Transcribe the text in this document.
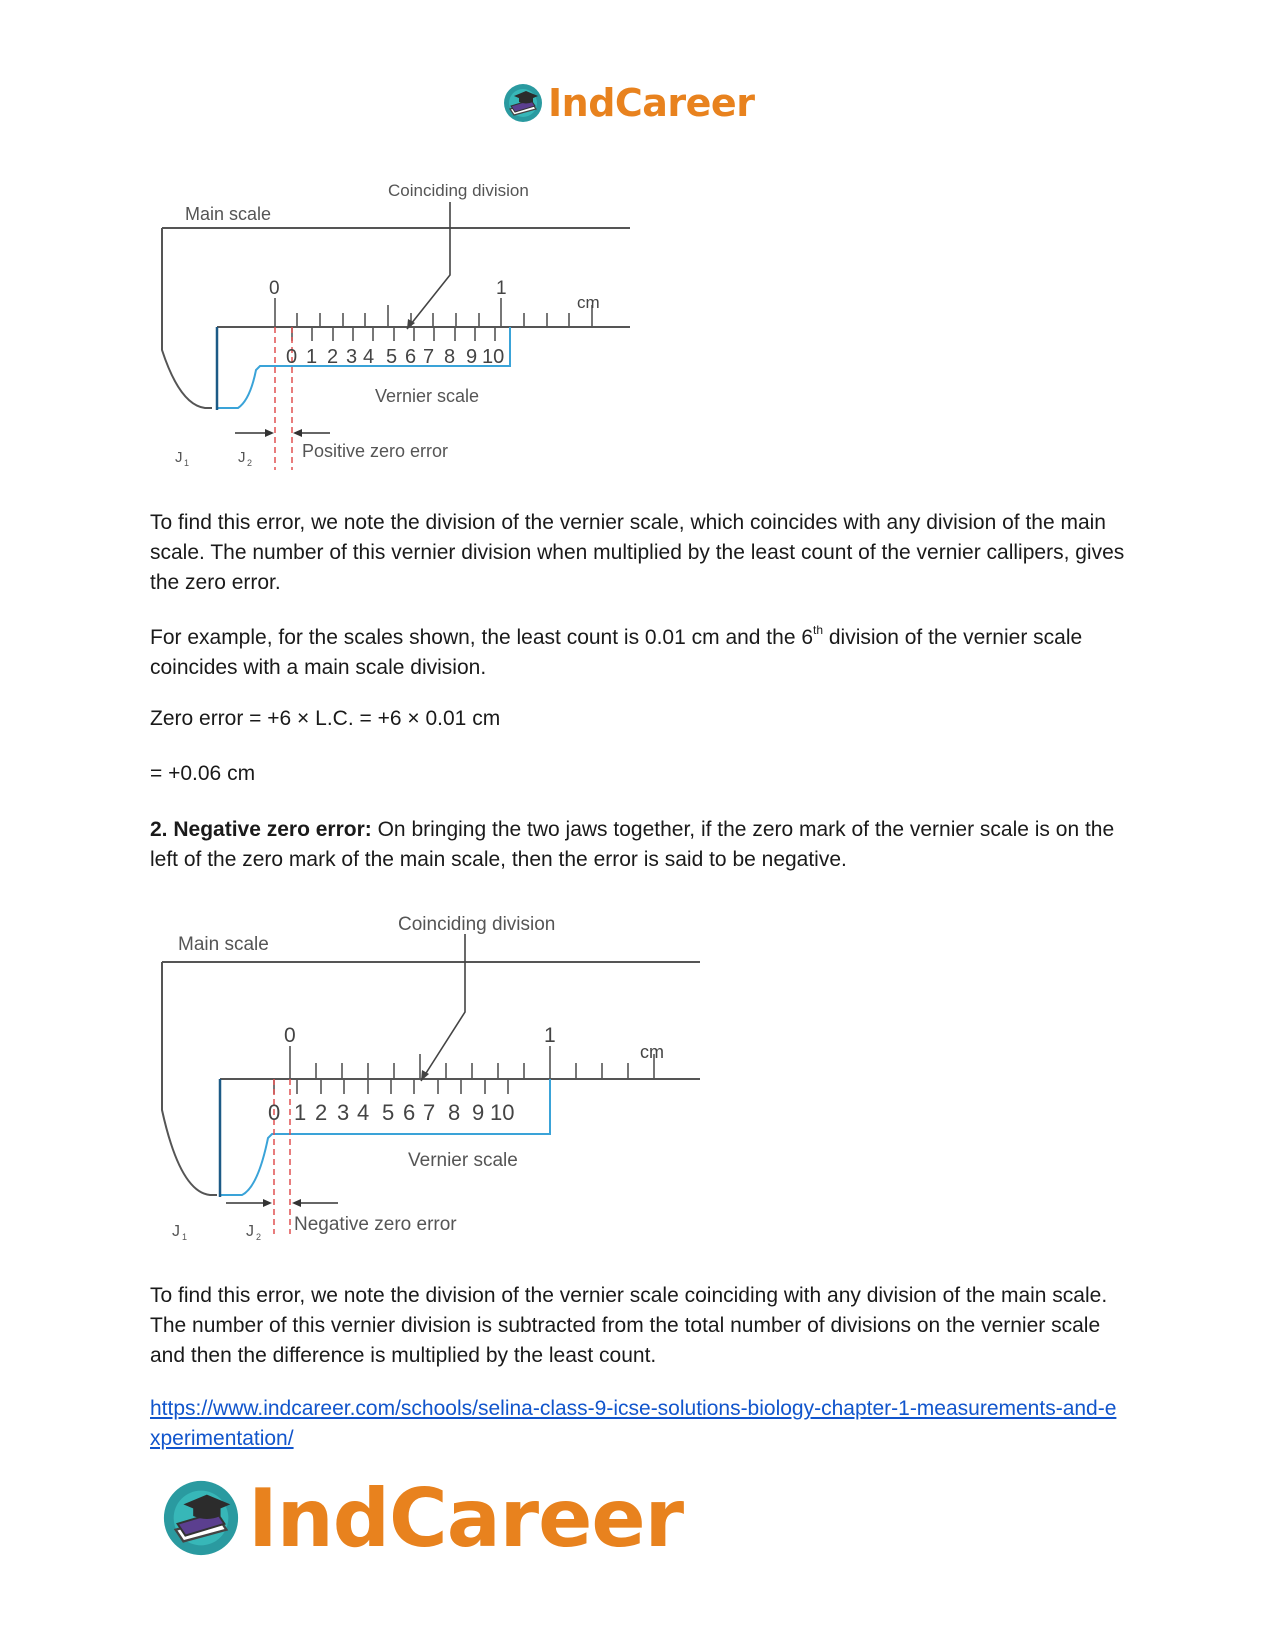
IndCareer
Main scale
Coinciding division
0	1
cm
0 1 2 3 4 5 6 7 8 9 10
Vernier scale
Positive zero error
J 1	J 2

To find this error, we note the division of the vernier scale, which coincides with any division of the main scale. The number of this vernier division when multiplied by the least count of the vernier callipers, gives the zero error.

For example, for the scales shown, the least count is 0.01 cm and the 6th division of the vernier scale coincides with a main scale division.

Zero error = +6 × L.C. = +6 × 0.01 cm

= +0.06 cm

2. Negative zero error: On bringing the two jaws together, if the zero mark of the vernier scale is on the left of the zero mark of the main scale, then the error is said to be negative.

Main scale
Coinciding division
0	1
cm
0 1 2 3 4 5 6 7 8 9 10
Vernier scale
Negative zero error
J 1	J 2

To find this error, we note the division of the vernier scale coinciding with any division of the main scale. The number of this vernier division is subtracted from the total number of divisions on the vernier scale and then the difference is multiplied by the least count.

https://www.indcareer.com/schools/selina-class-9-icse-solutions-biology-chapter-1-measurements-and-experimentation/
IndCareer
